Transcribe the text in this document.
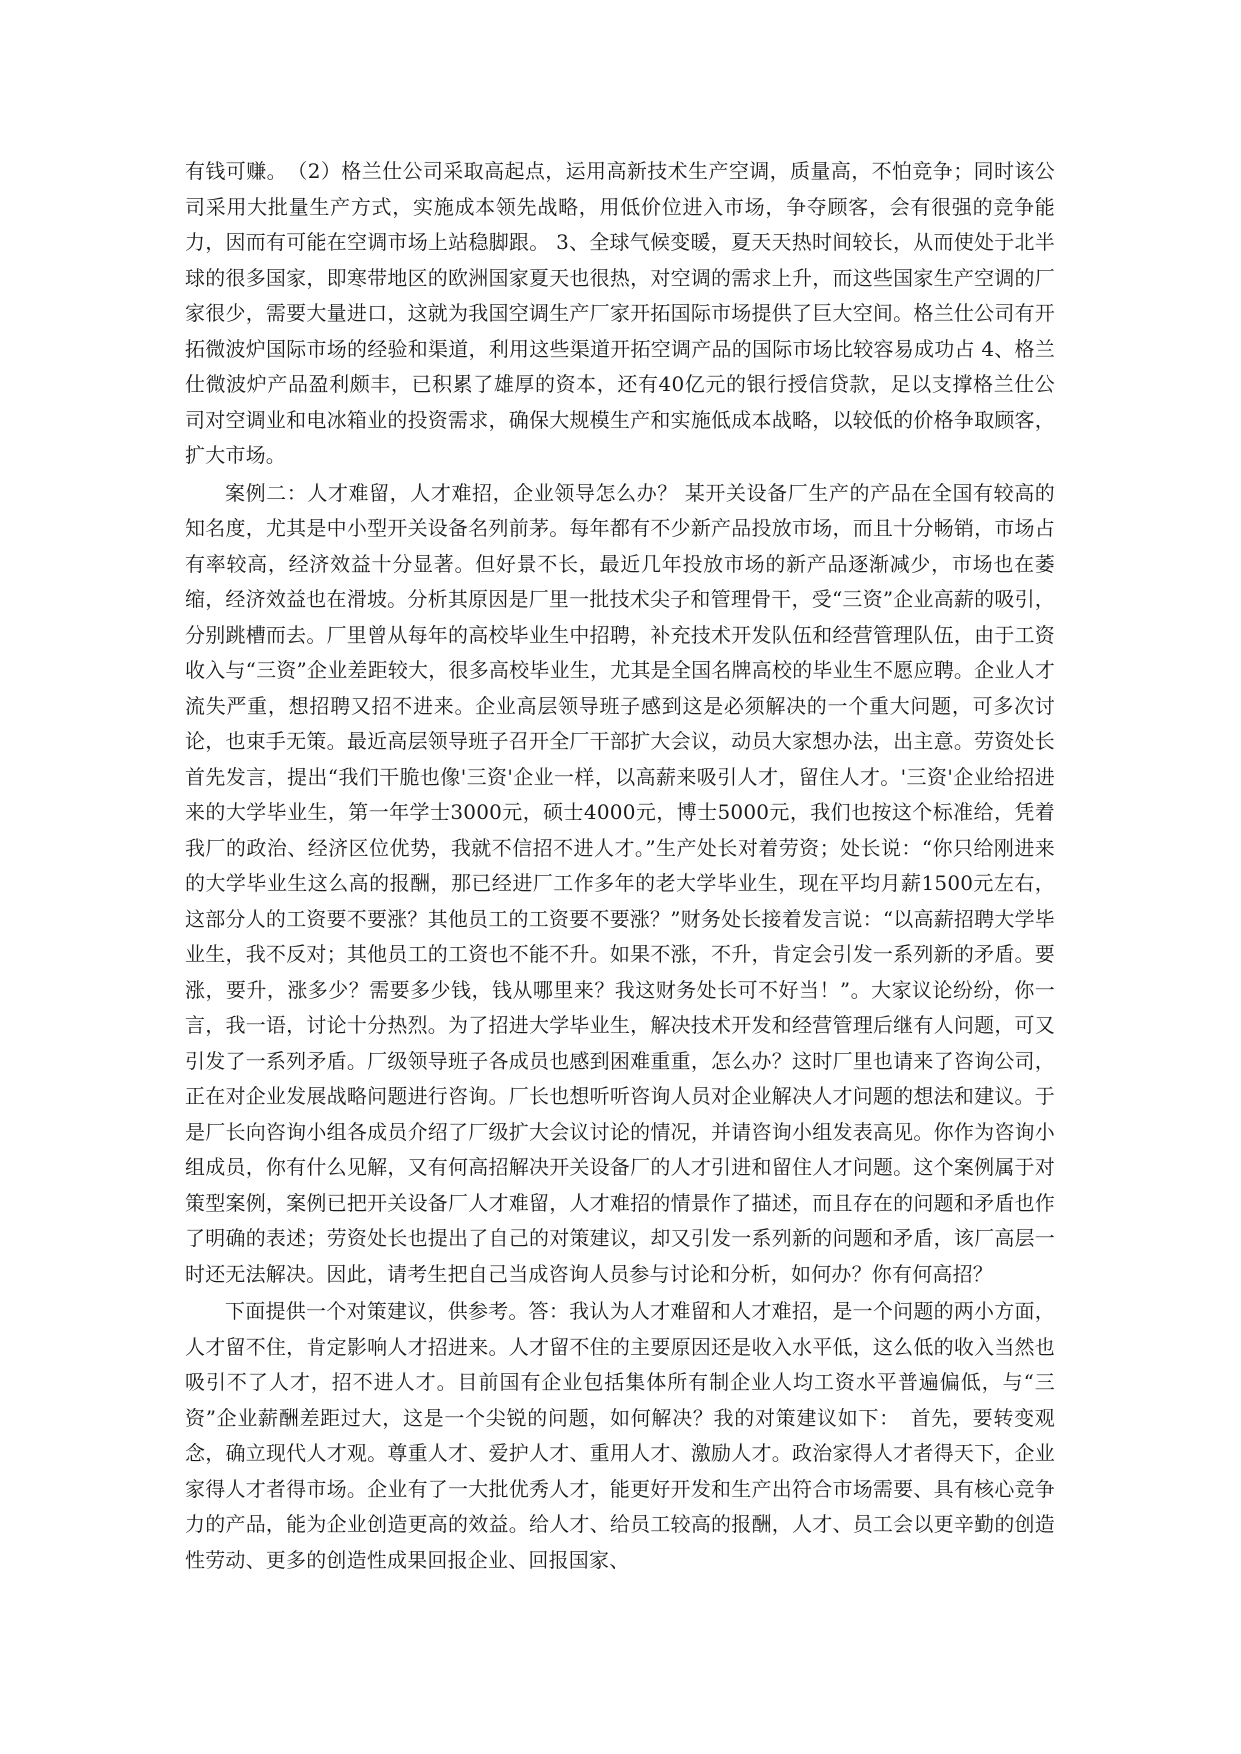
有钱可赚。　（2）格兰仕公司采取高起点，运用高新技术生产空调，质量高，不怕竞争；同时该公司采用大批量生产方式，实施成本领先战略，用低价位进入市场，争夺顾客，会有很强的竞争能力，因而有可能在空调市场上站稳脚跟。 3、全球气候变暖，夏天天热时间较长，从而使处于北半球的很多国家，即寒带地区的欧洲国家夏天也很热，对空调的需求上升，而这些国家生产空调的厂家很少，需要大量进口，这就为我国空调生产厂家开拓国际市场提供了巨大空间。格兰仕公司有开拓微波炉国际市场的经验和渠道，利用这些渠道开拓空调产品的国际市场比较容易成功占 4、格兰仕微波炉产品盈利颇丰，已积累了雄厚的资本，还有40亿元的银行授信贷款，足以支撑格兰仕公司对空调业和电冰箱业的投资需求，确保大规模生产和实施低成本战略，以较低的价格争取顾客，扩大市场。

案例二：人才难留，人才难招，企业领导怎么办？ 某开关设备厂生产的产品在全国有较高的知名度，尤其是中小型开关设备名列前茅。每年都有不少新产品投放市场，而且十分畅销，市场占有率较高，经济效益十分显著。但好景不长，最近几年投放市场的新产品逐渐减少，市场也在萎缩，经济效益也在滑坡。分析其原因是厂里一批技术尖子和管理骨干，受“三资”企业高薪的吸引，分别跳槽而去。厂里曾从每年的高校毕业生中招聘，补充技术开发队伍和经营管理队伍，由于工资收入与“三资”企业差距较大，很多高校毕业生，尤其是全国名牌高校的毕业生不愿应聘。企业人才流失严重，想招聘又招不进来。企业高层领导班子感到这是必须解决的一个重大问题，可多次讨论，也束手无策。最近高层领导班子召开全厂干部扩大会议，动员大家想办法，出主意。劳资处长首先发言，提出“我们干脆也像'三资'企业一样，以高薪来吸引人才，留住人才。'三资'企业给招进来的大学毕业生，第一年学士3000元，硕士4000元，博士5000元，我们也按这个标准给，凭着我厂的政治、经济区位优势，我就不信招不进人才。”生产处长对着劳资；处长说：“你只给刚进来的大学毕业生这么高的报酬，那已经进厂工作多年的老大学毕业生，现在平均月薪1500元左右，这部分人的工资要不要涨？其他员工的工资要不要涨？”财务处长接着发言说：“以高薪招聘大学毕业生，我不反对；其他员工的工资也不能不升。如果不涨，不升，肯定会引发一系列新的矛盾。要涨，要升，涨多少？需要多少钱，钱从哪里来？我这财务处长可不好当！”。大家议论纷纷，你一言，我一语，讨论十分热烈。为了招进大学毕业生，解决技术开发和经营管理后继有人问题，可又引发了一系列矛盾。厂级领导班子各成员也感到困难重重，怎么办？这时厂里也请来了咨询公司，正在对企业发展战略问题进行咨询。厂长也想听听咨询人员对企业解决人才问题的想法和建议。于是厂长向咨询小组各成员介绍了厂级扩大会议讨论的情况，并请咨询小组发表高见。你作为咨询小组成员，你有什么见解，又有何高招解决开关设备厂的人才引进和留住人才问题。这个案例属于对策型案例，案例已把开关设备厂人才难留，人才难招的情景作了描述，而且存在的问题和矛盾也作了明确的表述；劳资处长也提出了自己的对策建议，却又引发一系列新的问题和矛盾，该厂高层一时还无法解决。因此，请考生把自己当成咨询人员参与讨论和分析，如何办？你有何高招？

下面提供一个对策建议，供参考。答：我认为人才难留和人才难招，是一个问题的两小方面，人才留不住，肯定影响人才招进来。人才留不住的主要原因还是收入水平低，这么低的收入当然也吸引不了人才，招不进人才。目前国有企业包括集体所有制企业人均工资水平普遍偏低，与“三资”企业薪酬差距过大，这是一个尖锐的问题，如何解决？我的对策建议如下：　首先，要转变观念，确立现代人才观。尊重人才、爱护人才、重用人才、激励人才。政治家得人才者得天下，企业家得人才者得市场。企业有了一大批优秀人才，能更好开发和生产出符合市场需要、具有核心竞争力的产品，能为企业创造更高的效益。给人才、给员工较高的报酬，人才、员工会以更辛勤的创造性劳动、更多的创造性成果回报企业、回报国家、
